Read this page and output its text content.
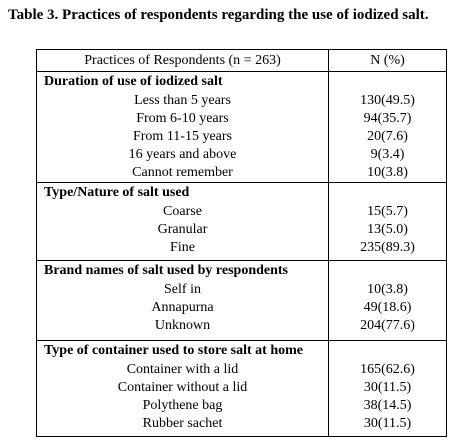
Table 3. Practices of respondents regarding the use of iodized salt.
Practices of Respondents (n = 263)	N (%)
Duration of use of iodized salt
Less than 5 years	130(49.5)
From 6-10 years	94(35.7)
From 11-15 years	20(7.6)
16 years and above	9(3.4)
Cannot remember	10(3.8)
Type/Nature of salt used
Coarse	15(5.7)
Granular	13(5.0)
Fine	235(89.3)
Brand names of salt used by respondents
Self in	10(3.8)
Annapurna	49(18.6)
Unknown	204(77.6)
Type of container used to store salt at home
Container with a lid	165(62.6)
Container without a lid	30(11.5)
Polythene bag	38(14.5)
Rubber sachet	30(11.5)
